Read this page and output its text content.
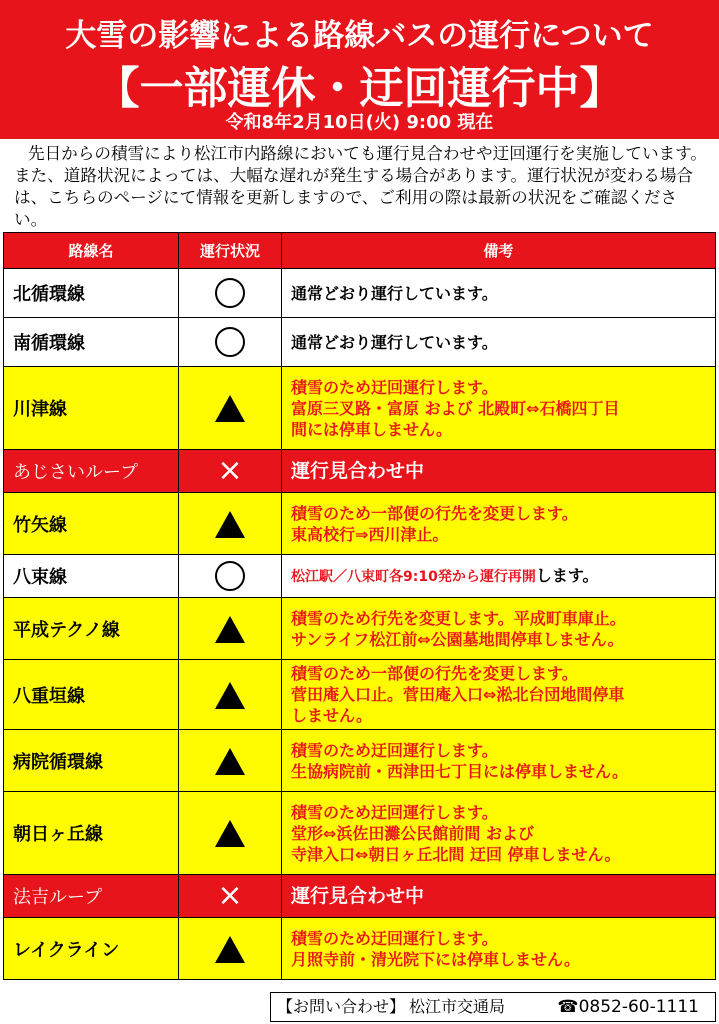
大雪の影響による路線バスの運行について
【一部運休・迂回運行中】
令和8年2月10日(火) 9:00 現在
先日からの積雪により松江市内路線においても運行見合わせや迂回運行を実施しています。また、道路状況によっては、大幅な遅れが発生する場合があります。運行状況が変わる場合は、こちらのページにて情報を更新しますので、ご利用の際は最新の状況をご確認ください。
路線名	運行状況	備考
北循環線		通常どおり運行しています。

南循環線		通常どおり運行しています。

川津線		積雪のため迂回運行します。
富原三叉路・富原 および 北殿町⇔石橋四丁目
間には停車しません。

あじさいループ	×	運行見合わせ中

竹矢線		積雪のため一部便の行先を変更します。
東高校行⇒西川津止。

八束線		松江駅／八束町各9:10発から運行再開します。
平成テクノ線		積雪のため行先を変更します。平成町車庫止。
サンライフ松江前⇔公園墓地間停車しません。

八重垣線		積雪のため一部便の行先を変更します。
菅田庵入口止。菅田庵入口⇔淞北台団地間停車
しません。

病院循環線		積雪のため迂回運行します。
生協病院前・西津田七丁目には停車しません。

朝日ヶ丘線		積雪のため迂回運行します。
堂形⇔浜佐田灘公民館前間 および
寺津入口⇔朝日ヶ丘北間 迂回 停車しません。

法吉ループ	×	運行見合わせ中

レイクライン		積雪のため迂回運行します。
月照寺前・清光院下には停車しません。
【お問い合わせ】 松江市交通局	☎0852-60-1111
